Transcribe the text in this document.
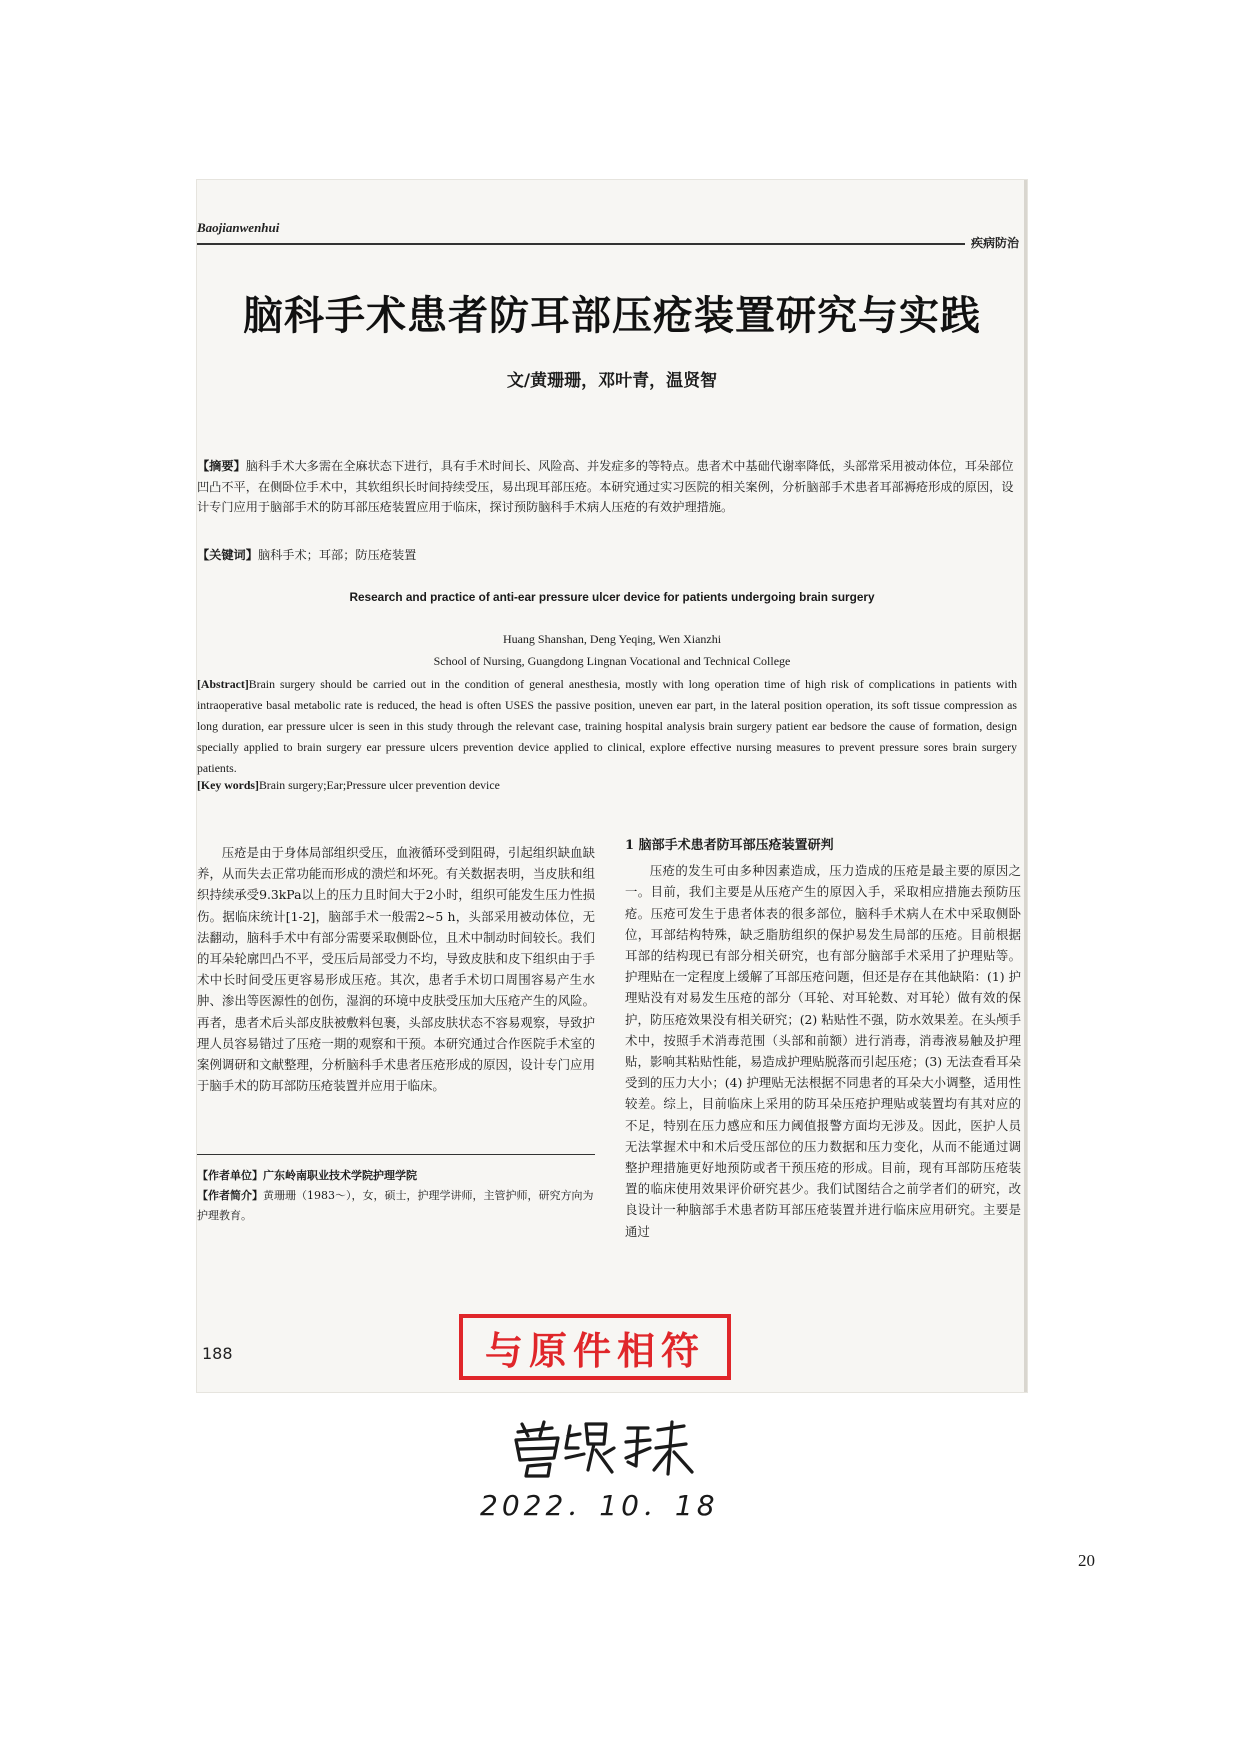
Baojianwenhui
疾病防治
脑科手术患者防耳部压疮装置研究与实践
文/黄珊珊，邓叶青，温贤智
【摘要】脑科手术大多需在全麻状态下进行，具有手术时间长、风险高、并发症多的等特点。患者术中基础代谢率降低，头部常采用被动体位，耳朵部位凹凸不平，在侧卧位手术中，其软组织长时间持续受压，易出现耳部压疮。本研究通过实习医院的相关案例，分析脑部手术患者耳部褥疮形成的原因，设计专门应用于脑部手术的防耳部压疮装置应用于临床，探讨预防脑科手术病人压疮的有效护理措施。
【关键词】脑科手术；耳部；防压疮装置
Research and practice of anti-ear pressure ulcer device for patients undergoing brain surgery
Huang Shanshan, Deng Yeqing, Wen Xianzhi
School of Nursing, Guangdong Lingnan Vocational and Technical College
[Abstract]Brain surgery should be carried out in the condition of general anesthesia, mostly with long operation time of high risk of complications in patients with intraoperative basal metabolic rate is reduced, the head is often USES the passive position, uneven ear part, in the lateral position operation, its soft tissue compression as long duration, ear pressure ulcer is seen in this study through the relevant case, training hospital analysis brain surgery patient ear bedsore the cause of formation, design specially applied to brain surgery ear pressure ulcers prevention device applied to clinical, explore effective nursing measures to prevent pressure sores brain surgery patients.
[Key words]Brain surgery;Ear;Pressure ulcer prevention device

压疮是由于身体局部组织受压，血液循环受到阻碍，引起组织缺血缺养，从而失去正常功能而形成的溃烂和坏死。有关数据表明，当皮肤和组织持续承受9.3kPa以上的压力且时间大于2小时，组织可能发生压力性损伤。据临床统计[1-2]，脑部手术一般需2~5 h，头部采用被动体位，无法翻动，脑科手术中有部分需要采取侧卧位，且术中制动时间较长。我们的耳朵轮廓凹凸不平，受压后局部受力不均，导致皮肤和皮下组织由于手术中长时间受压更容易形成压疮。其次，患者手术切口周围容易产生水肿、渗出等医源性的创伤，湿润的环境中皮肤受压加大压疮产生的风险。再者，患者术后头部皮肤被敷料包裹，头部皮肤状态不容易观察，导致护理人员容易错过了压疮一期的观察和干预。本研究通过合作医院手术室的案例调研和文献整理，分析脑科手术患者压疮形成的原因，设计专门应用于脑手术的防耳部防压疮装置并应用于临床。

【作者单位】广东岭南职业技术学院护理学院
【作者简介】黄珊珊（1983～），女，硕士，护理学讲师，主管护师，研究方向为护理教育。
1 脑部手术患者防耳部压疮装置研判

压疮的发生可由多种因素造成，压力造成的压疮是最主要的原因之一。目前，我们主要是从压疮产生的原因入手，采取相应措施去预防压疮。压疮可发生于患者体表的很多部位，脑科手术病人在术中采取侧卧位，耳部结构特殊，缺乏脂肪组织的保护易发生局部的压疮。目前根据耳部的结构现已有部分相关研究，也有部分脑部手术采用了护理贴等。护理贴在一定程度上缓解了耳部压疮问题，但还是存在其他缺陷：(1) 护理贴没有对易发生压疮的部分（耳轮、对耳轮数、对耳轮）做有效的保护，防压疮效果没有相关研究；(2) 粘贴性不强，防水效果差。在头颅手术中，按照手术消毒范围（头部和前额）进行消毒，消毒液易触及护理贴，影响其粘贴性能，易造成护理贴脱落而引起压疮；(3) 无法查看耳朵受到的压力大小；(4) 护理贴无法根据不同患者的耳朵大小调整，适用性较差。综上，目前临床上采用的防耳朵压疮护理贴或装置均有其对应的不足，特别在压力感应和压力阈值报警方面均无涉及。因此，医护人员无法掌握术中和术后受压部位的压力数据和压力变化，从而不能通过调整护理措施更好地预防或者干预压疮的形成。目前，现有耳部防压疮装置的临床使用效果评价研究甚少。我们试图结合之前学者们的研究，改良设计一种脑部手术患者防耳部压疮装置并进行临床应用研究。主要是通过

188	与原件相符
2022．10．18
20
